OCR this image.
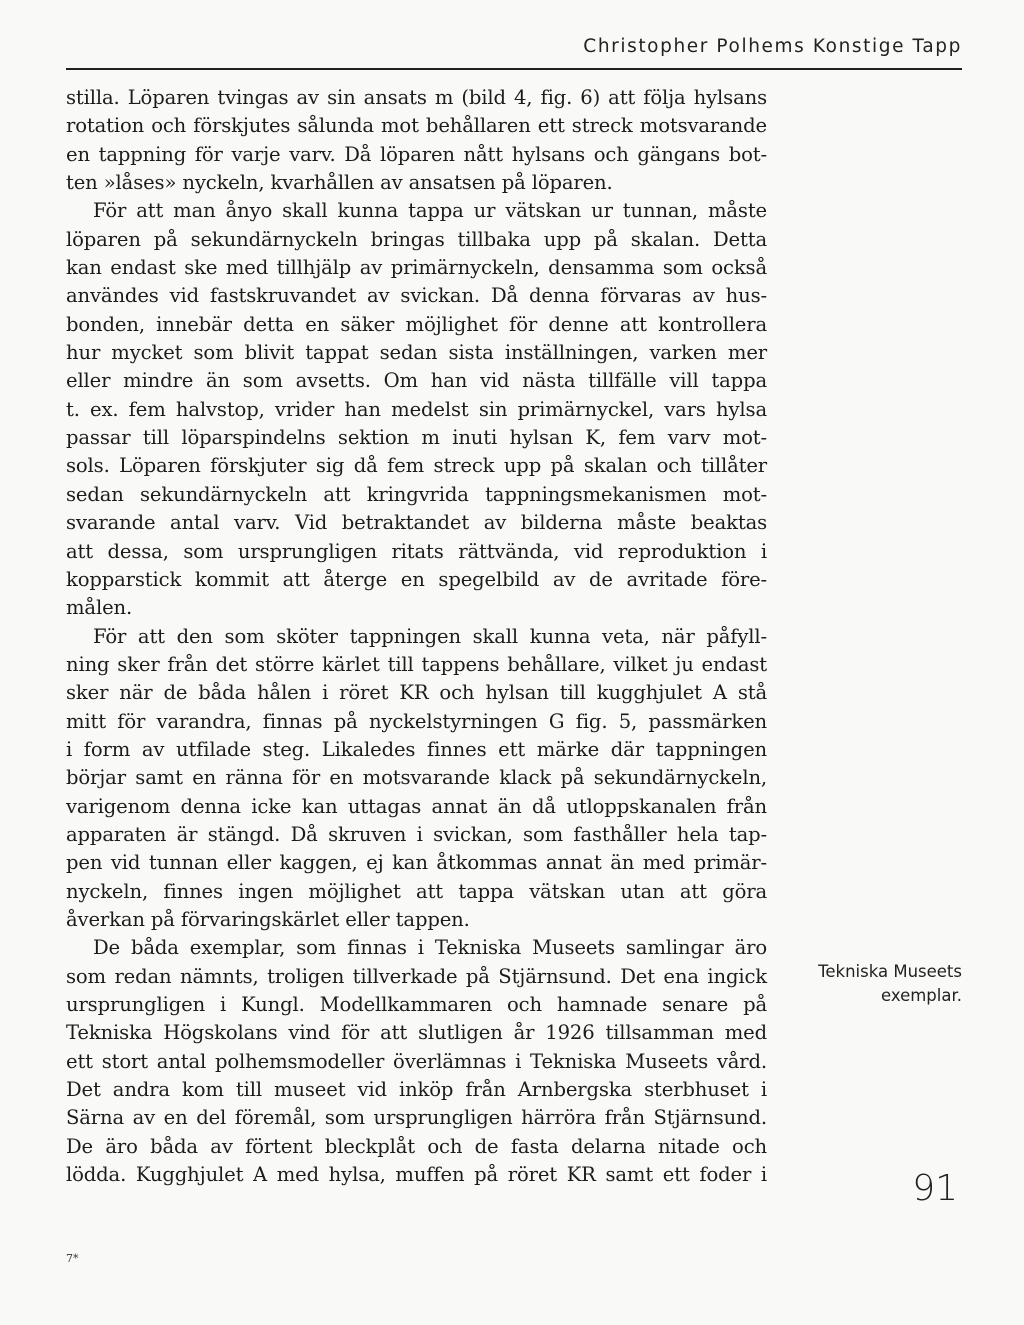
Christopher Polhems Konstige Tapp

stilla. Löparen tvingas av sin ansats m (bild 4, fig. 6) att följa hylsans
rotation och förskjutes sålunda mot behållaren ett streck motsvarande
en tappning för varje varv. Då löparen nått hylsans och gängans bot-
ten »låses» nyckeln, kvarhållen av ansatsen på löparen.

För att man ånyo skall kunna tappa ur vätskan ur tunnan, måste
löparen på sekundärnyckeln bringas tillbaka upp på skalan. Detta
kan endast ske med tillhjälp av primärnyckeln, densamma som också
användes vid fastskruvandet av svickan. Då denna förvaras av hus-
bonden, innebär detta en säker möjlighet för denne att kontrollera
hur mycket som blivit tappat sedan sista inställningen, varken mer
eller mindre än som avsetts. Om han vid nästa tillfälle vill tappa
t. ex. fem halvstop, vrider han medelst sin primärnyckel, vars hylsa
passar till löparspindelns sektion m inuti hylsan K, fem varv mot-
sols. Löparen förskjuter sig då fem streck upp på skalan och tillåter
sedan sekundärnyckeln att kringvrida tappningsmekanismen mot-
svarande antal varv. Vid betraktandet av bilderna måste beaktas
att dessa, som ursprungligen ritats rättvända, vid reproduktion i
kopparstick kommit att återge en spegelbild av de avritade före-
målen.

För att den som sköter tappningen skall kunna veta, när påfyll-
ning sker från det större kärlet till tappens behållare, vilket ju endast
sker när de båda hålen i röret KR och hylsan till kugghjulet A stå
mitt för varandra, finnas på nyckelstyrningen G fig. 5, passmärken
i form av utfilade steg. Likaledes finnes ett märke där tappningen
börjar samt en ränna för en motsvarande klack på sekundärnyckeln,
varigenom denna icke kan uttagas annat än då utloppskanalen från
apparaten är stängd. Då skruven i svickan, som fasthåller hela tap-
pen vid tunnan eller kaggen, ej kan åtkommas annat än med primär-
nyckeln, finnes ingen möjlighet att tappa vätskan utan att göra
åverkan på förvaringskärlet eller tappen.

De båda exemplar, som finnas i Tekniska Museets samlingar äro
som redan nämnts, troligen tillverkade på Stjärnsund. Det ena ingick
ursprungligen i Kungl. Modellkammaren och hamnade senare på
Tekniska Högskolans vind för att slutligen år 1926 tillsamman med
ett stort antal polhemsmodeller överlämnas i Tekniska Museets vård.
Det andra kom till museet vid inköp från Arnbergska sterbhuset i
Särna av en del föremål, som ursprungligen härröra från Stjärnsund.
De äro båda av förtent bleckplåt och de fasta delarna nitade och
lödda. Kugghjulet A med hylsa, muffen på röret KR samt ett foder i

Tekniska Museets
exemplar.
91
7*
